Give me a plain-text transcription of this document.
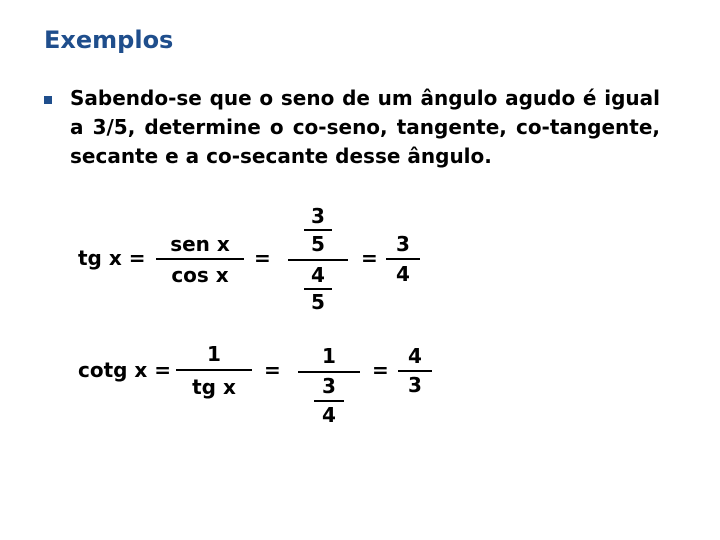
Exemplos
Sabendo-se que o seno de um ângulo agudo é igual a 3/5, determine o co-seno, tangente, co-tangente, secante e a co-secante desse ângulo.
tg x =
sen x
cos x
=
3
5
4
5
=
3
4
cotg x =
1
tg x
=
1
3
4
=
4
3
